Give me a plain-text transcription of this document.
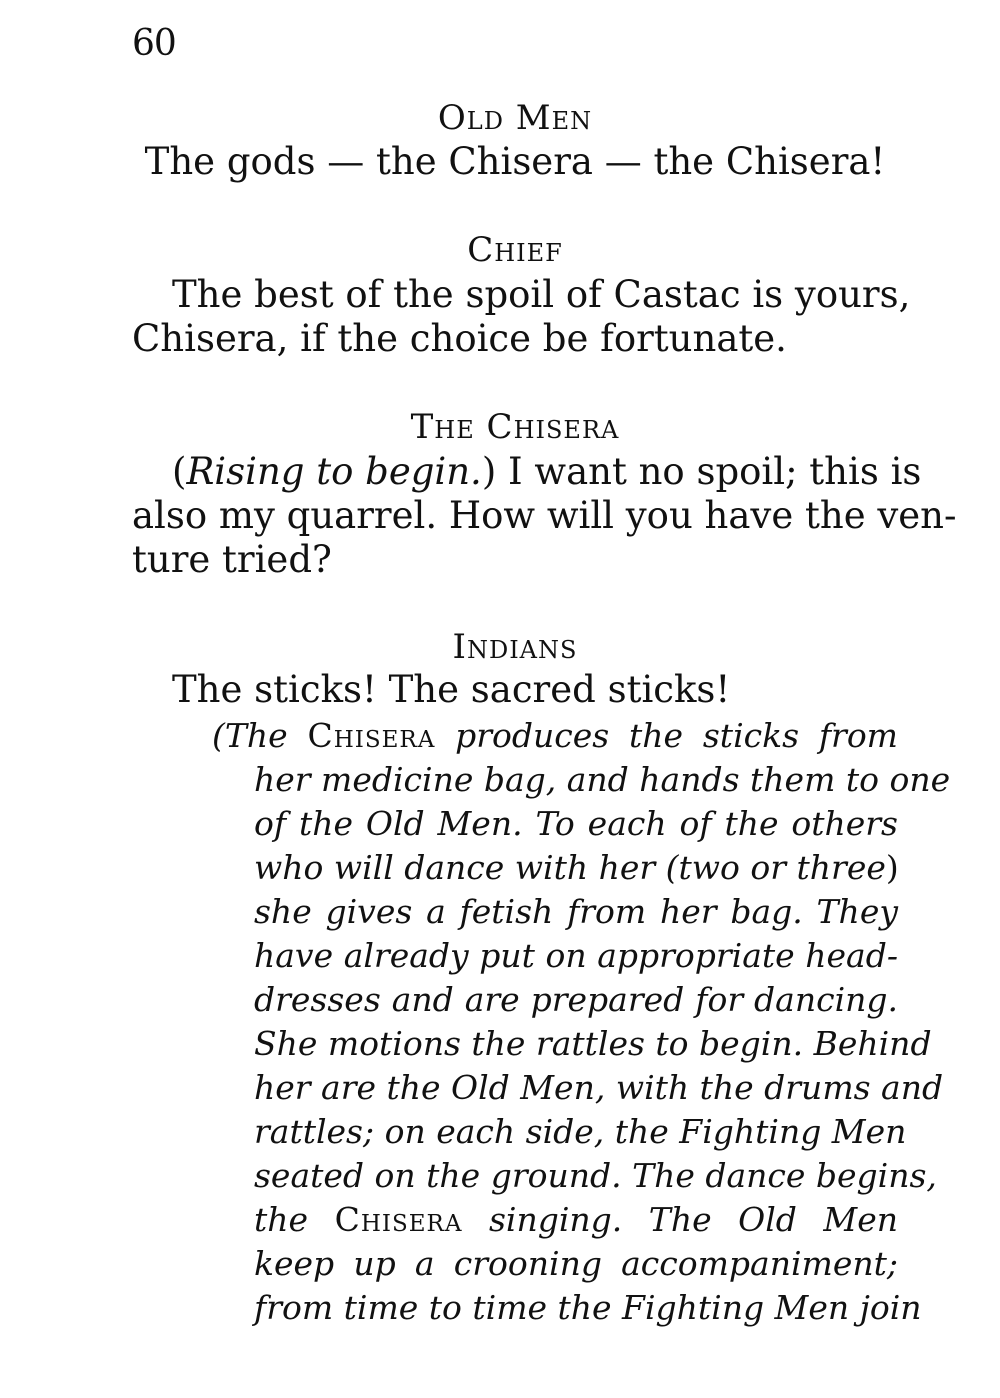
60
Old Men
The gods — the Chisera — the Chisera!
Chief
The best of the spoil of Castac is yours,
Chisera, if the choice be fortunate.
The Chisera
(Rising to begin.) I want no spoil; this is
also my quarrel. How will you have the ven-
ture tried?
Indians
The sticks! The sacred sticks!
(The Chisera produces the sticks from
her medicine bag, and hands them to one
of the Old Men. To each of the others
who will dance with her (two or three)
she gives a fetish from her bag. They
have already put on appropriate head-
dresses and are prepared for dancing.
She motions the rattles to begin. Behind
her are the Old Men, with the drums and
rattles; on each side, the Fighting Men
seated on the ground. The dance begins,
the Chisera singing. The Old Men
keep up a crooning accompaniment;
from time to time the Fighting Men join
